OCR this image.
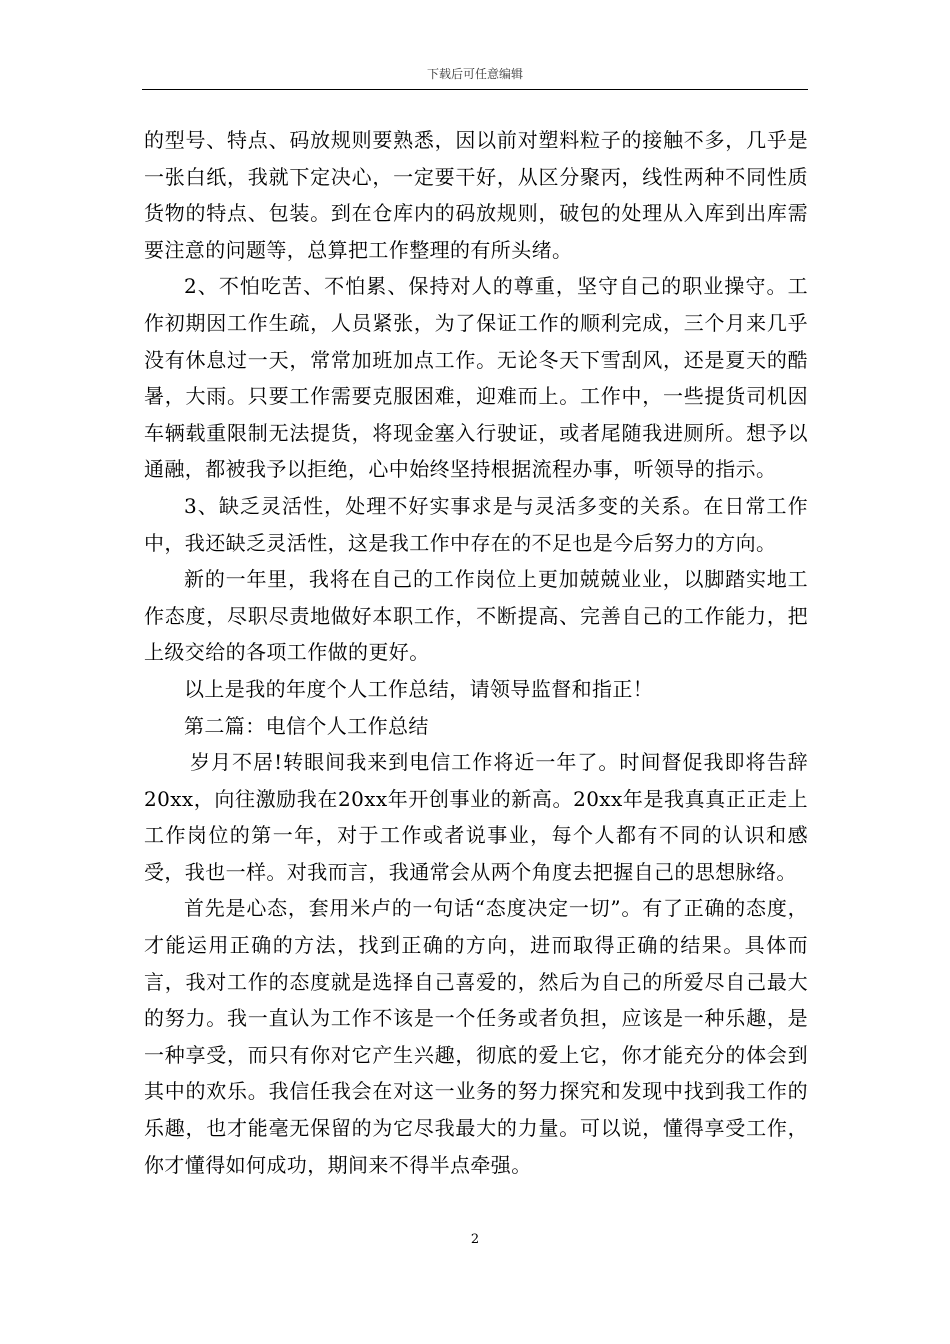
下载后可任意编辑

的型号、特点、码放规则要熟悉，因以前对塑料粒子的接触不多，几乎是一张白纸，我就下定决心，一定要干好，从区分聚丙，线性两种不同性质货物的特点、包装。到在仓库内的码放规则，破包的处理从入库到出库需要注意的问题等，总算把工作整理的有所头绪。

2、不怕吃苦、不怕累、保持对人的尊重，坚守自己的职业操守。工作初期因工作生疏，人员紧张，为了保证工作的顺利完成，三个月来几乎没有休息过一天，常常加班加点工作。无论冬天下雪刮风，还是夏天的酷暑，大雨。只要工作需要克服困难，迎难而上。工作中，一些提货司机因车辆载重限制无法提货，将现金塞入行驶证，或者尾随我进厕所。想予以通融，都被我予以拒绝，心中始终坚持根据流程办事，听领导的指示。

3、缺乏灵活性，处理不好实事求是与灵活多变的关系。在日常工作中，我还缺乏灵活性，这是我工作中存在的不足也是今后努力的方向。

新的一年里，我将在自己的工作岗位上更加兢兢业业，以脚踏实地工作态度，尽职尽责地做好本职工作，不断提高、完善自己的工作能力，把上级交给的各项工作做的更好。

以上是我的年度个人工作总结，请领导监督和指正！

第二篇：电信个人工作总结

岁月不居!转眼间我来到电信工作将近一年了。时间督促我即将告辞20xx，向往激励我在20xx年开创事业的新高。20xx年是我真真正正走上工作岗位的第一年，对于工作或者说事业，每个人都有不同的认识和感受，我也一样。对我而言，我通常会从两个角度去把握自己的思想脉络。

首先是心态，套用米卢的一句话“态度决定一切”。有了正确的态度，才能运用正确的方法，找到正确的方向，进而取得正确的结果。具体而言，我对工作的态度就是选择自己喜爱的，然后为自己的所爱尽自己最大的努力。我一直认为工作不该是一个任务或者负担，应该是一种乐趣，是一种享受，而只有你对它产生兴趣，彻底的爱上它，你才能充分的体会到其中的欢乐。我信任我会在对这一业务的努力探究和发现中找到我工作的乐趣，也才能毫无保留的为它尽我最大的力量。可以说，懂得享受工作，你才懂得如何成功，期间来不得半点牵强。

2
